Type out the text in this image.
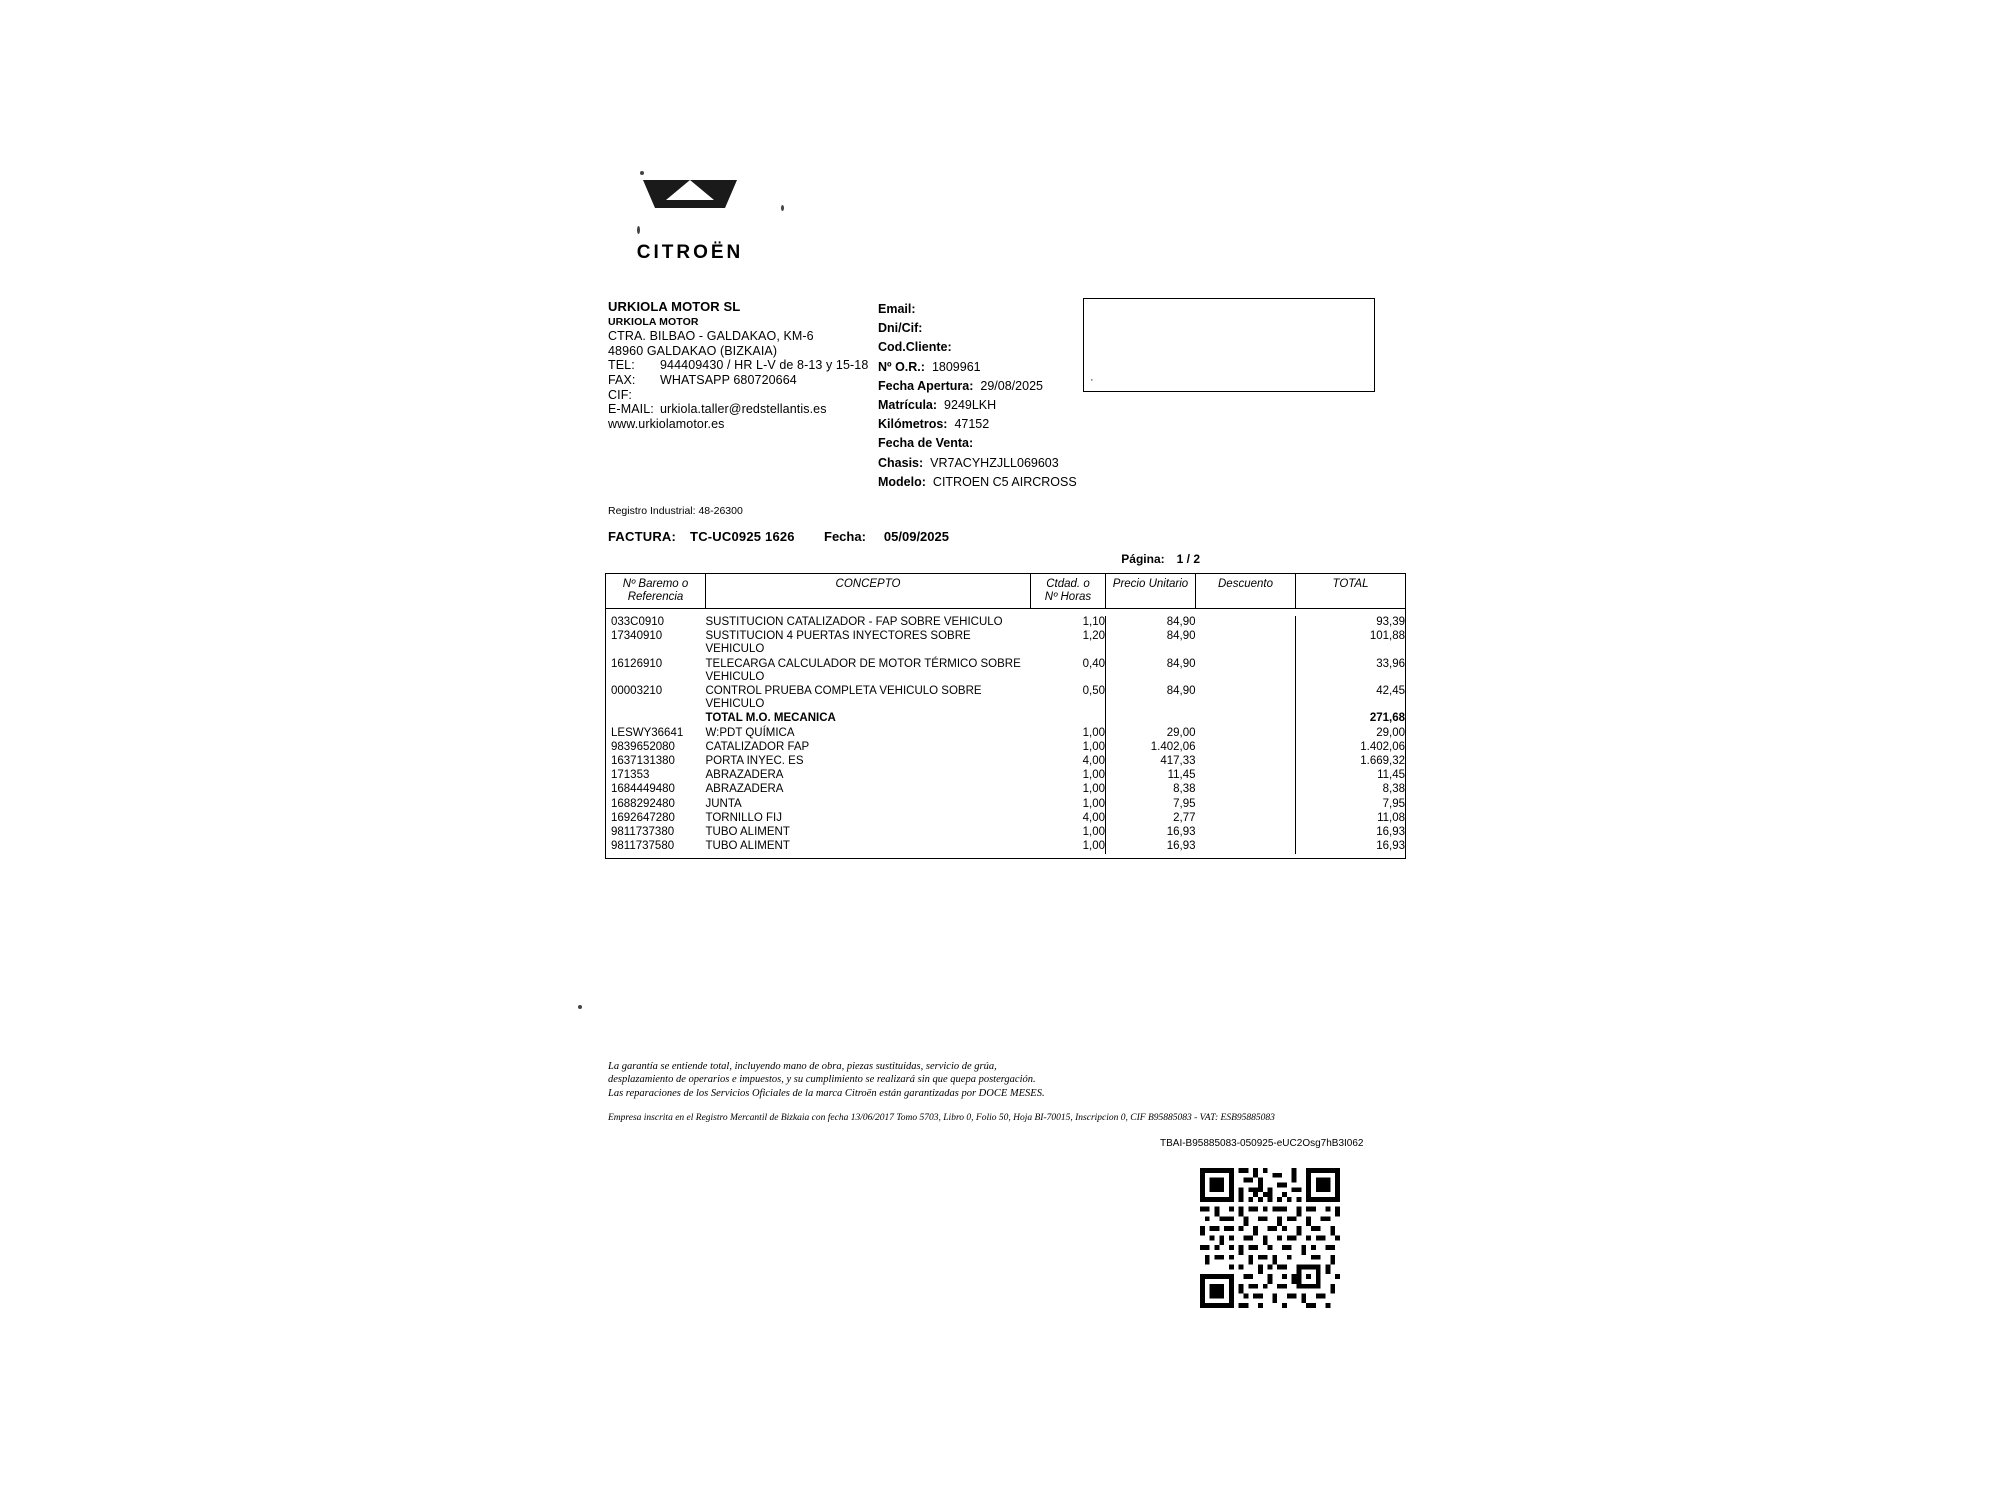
CITROËN
URKIOLA MOTOR SL
URKIOLA MOTOR
CTRA. BILBAO - GALDAKAO, KM-6
48960 GALDAKAO (BIZKAIA)
TEL: 944409430 / HR L-V de 8-13 y 15-18
FAX: WHATSAPP 680720664
CIF:
E-MAIL: urkiola.taller@redstellantis.es
www.urkiolamotor.es
Email:
Dni/Cif:
Cod.Cliente:
Nº O.R.: 1809961
Fecha Apertura: 29/08/2025
Matrícula: 9249LKH
Kilómetros: 47152
Fecha de Venta:
Chasis: VR7ACYHZJLL069603
Modelo: CITROEN C5 AIRCROSS
·
Registro Industrial: 48-26300
FACTURA: TC-UC0925 1626 Fecha: 05/09/2025
Página: 1 / 2
Nº Baremo o
Referencia
	CONCEPTO	Ctdad. o
Nº Horas
	Precio Unitario	Descuento	TOTAL

033C0910	SUSTITUCION CATALIZADOR - FAP SOBRE VEHICULO	1,10	84,90		93,39
17340910	SUSTITUCION 4 PUERTAS INYECTORES SOBRE VEHICULO	1,20	84,90		101,88
16126910	TELECARGA CALCULADOR DE MOTOR TÉRMICO SOBRE VEHICULO	0,40	84,90		33,96
00003210	CONTROL PRUEBA COMPLETA VEHICULO SOBRE VEHICULO	0,50	84,90		42,45
	TOTAL M.O. MECANICA				271,68
LESWY36641	W:PDT QUÍMICA	1,00	29,00		29,00
9839652080	CATALIZADOR FAP	1,00	1.402,06		1.402,06
1637131380	PORTA INYEC. ES	4,00	417,33		1.669,32
171353	ABRAZADERA	1,00	11,45		11,45
1684449480	ABRAZADERA	1,00	8,38		8,38
1688292480	JUNTA	1,00	7,95		7,95
1692647280	TORNILLO FIJ	4,00	2,77		11,08
9811737380	TUBO ALIMENT	1,00	16,93		16,93
9811737580	TUBO ALIMENT	1,00	16,93		16,93

La garantía se entiende total, incluyendo mano de obra, piezas sustituidas, servicio de grúa,
desplazamiento de operarios e impuestos, y su cumplimiento se realizará sin que quepa postergación.
Las reparaciones de los Servicios Oficiales de la marca Citroën están garantizadas por DOCE MESES.
Empresa inscrita en el Registro Mercantil de Bizkaia con fecha 13/06/2017 Tomo 5703, Libro 0, Folio 50, Hoja BI-70015, Inscripcion 0, CIF B95885083 - VAT: ESB95885083
TBAI-B95885083-050925-eUC2Osg7hB3I062
